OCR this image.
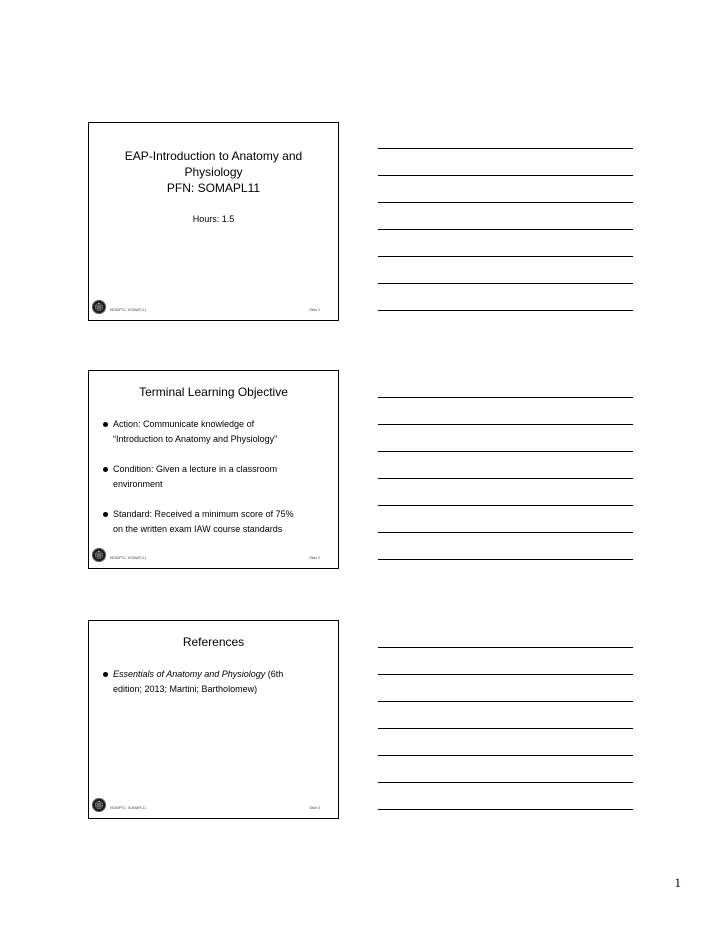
EAP-Introduction to Anatomy and
Physiology
PFN: SOMAPL11
Hours: 1.5
ISOMPTC, SOMAPL11	Slide 1
Terminal Learning Objective
Action: Communicate knowledge of
“Introduction to Anatomy and Physiology”
Condition: Given a lecture in a classroom
environment
Standard: Received a minimum score of 75%
on the written exam IAW course standards
ISOMPTC, SOMAPL11	Slide 2
References
Essentials of Anatomy and Physiology (6th
edition; 2013; Martini; Bartholomew)
ISOMPTC, SOMAPL11	Slide 3
1
